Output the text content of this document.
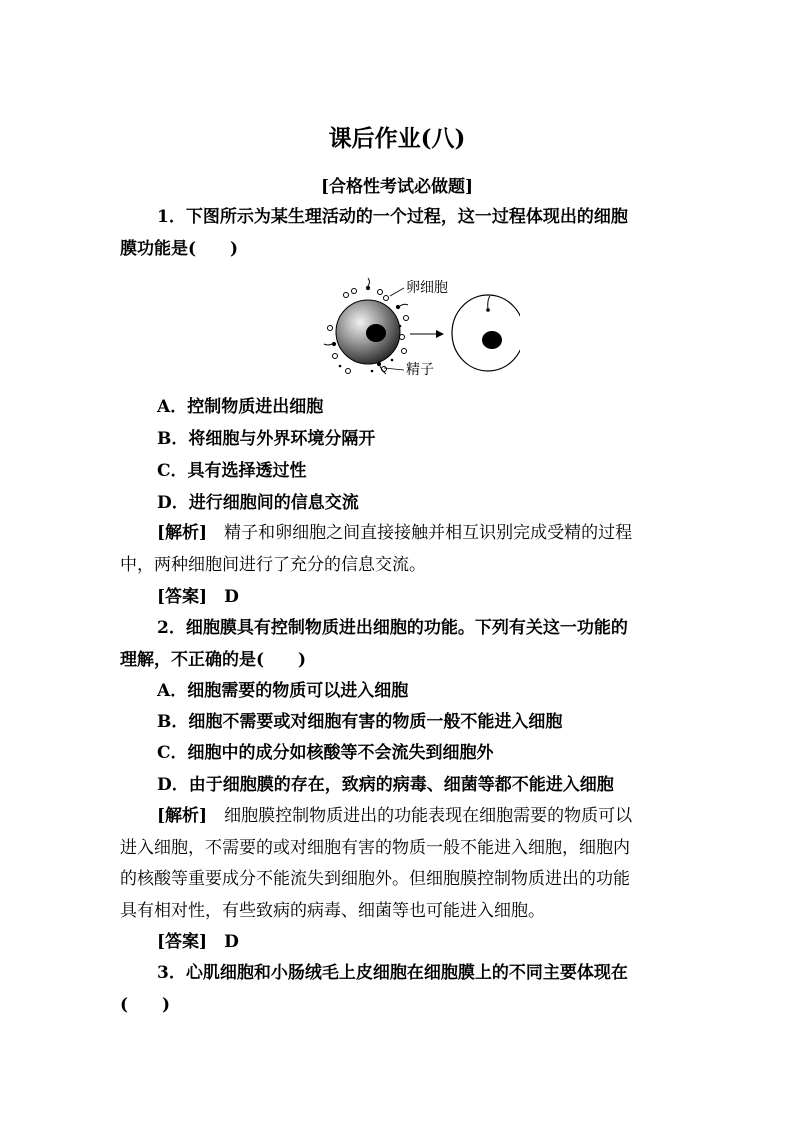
课后作业(八)
[合格性考试必做题]
1．下图所示为某生理活动的一个过程，这一过程体现出的细胞
膜功能是(　　)
卵细胞
精子
A．控制物质进出细胞
B．将细胞与外界环境分隔开
C．具有选择透过性
D．进行细胞间的信息交流
[解析]　精子和卵细胞之间直接接触并相互识别完成受精的过程
中，两种细胞间进行了充分的信息交流。
[答案]　D
2．细胞膜具有控制物质进出细胞的功能。下列有关这一功能的
理解，不正确的是(　　)
A．细胞需要的物质可以进入细胞
B．细胞不需要或对细胞有害的物质一般不能进入细胞
C．细胞中的成分如核酸等不会流失到细胞外
D．由于细胞膜的存在，致病的病毒、细菌等都不能进入细胞
[解析]　细胞膜控制物质进出的功能表现在细胞需要的物质可以
进入细胞，不需要的或对细胞有害的物质一般不能进入细胞，细胞内
的核酸等重要成分不能流失到细胞外。但细胞膜控制物质进出的功能
具有相对性，有些致病的病毒、细菌等也可能进入细胞。
[答案]　D
3．心肌细胞和小肠绒毛上皮细胞在细胞膜上的不同主要体现在
(　　)
